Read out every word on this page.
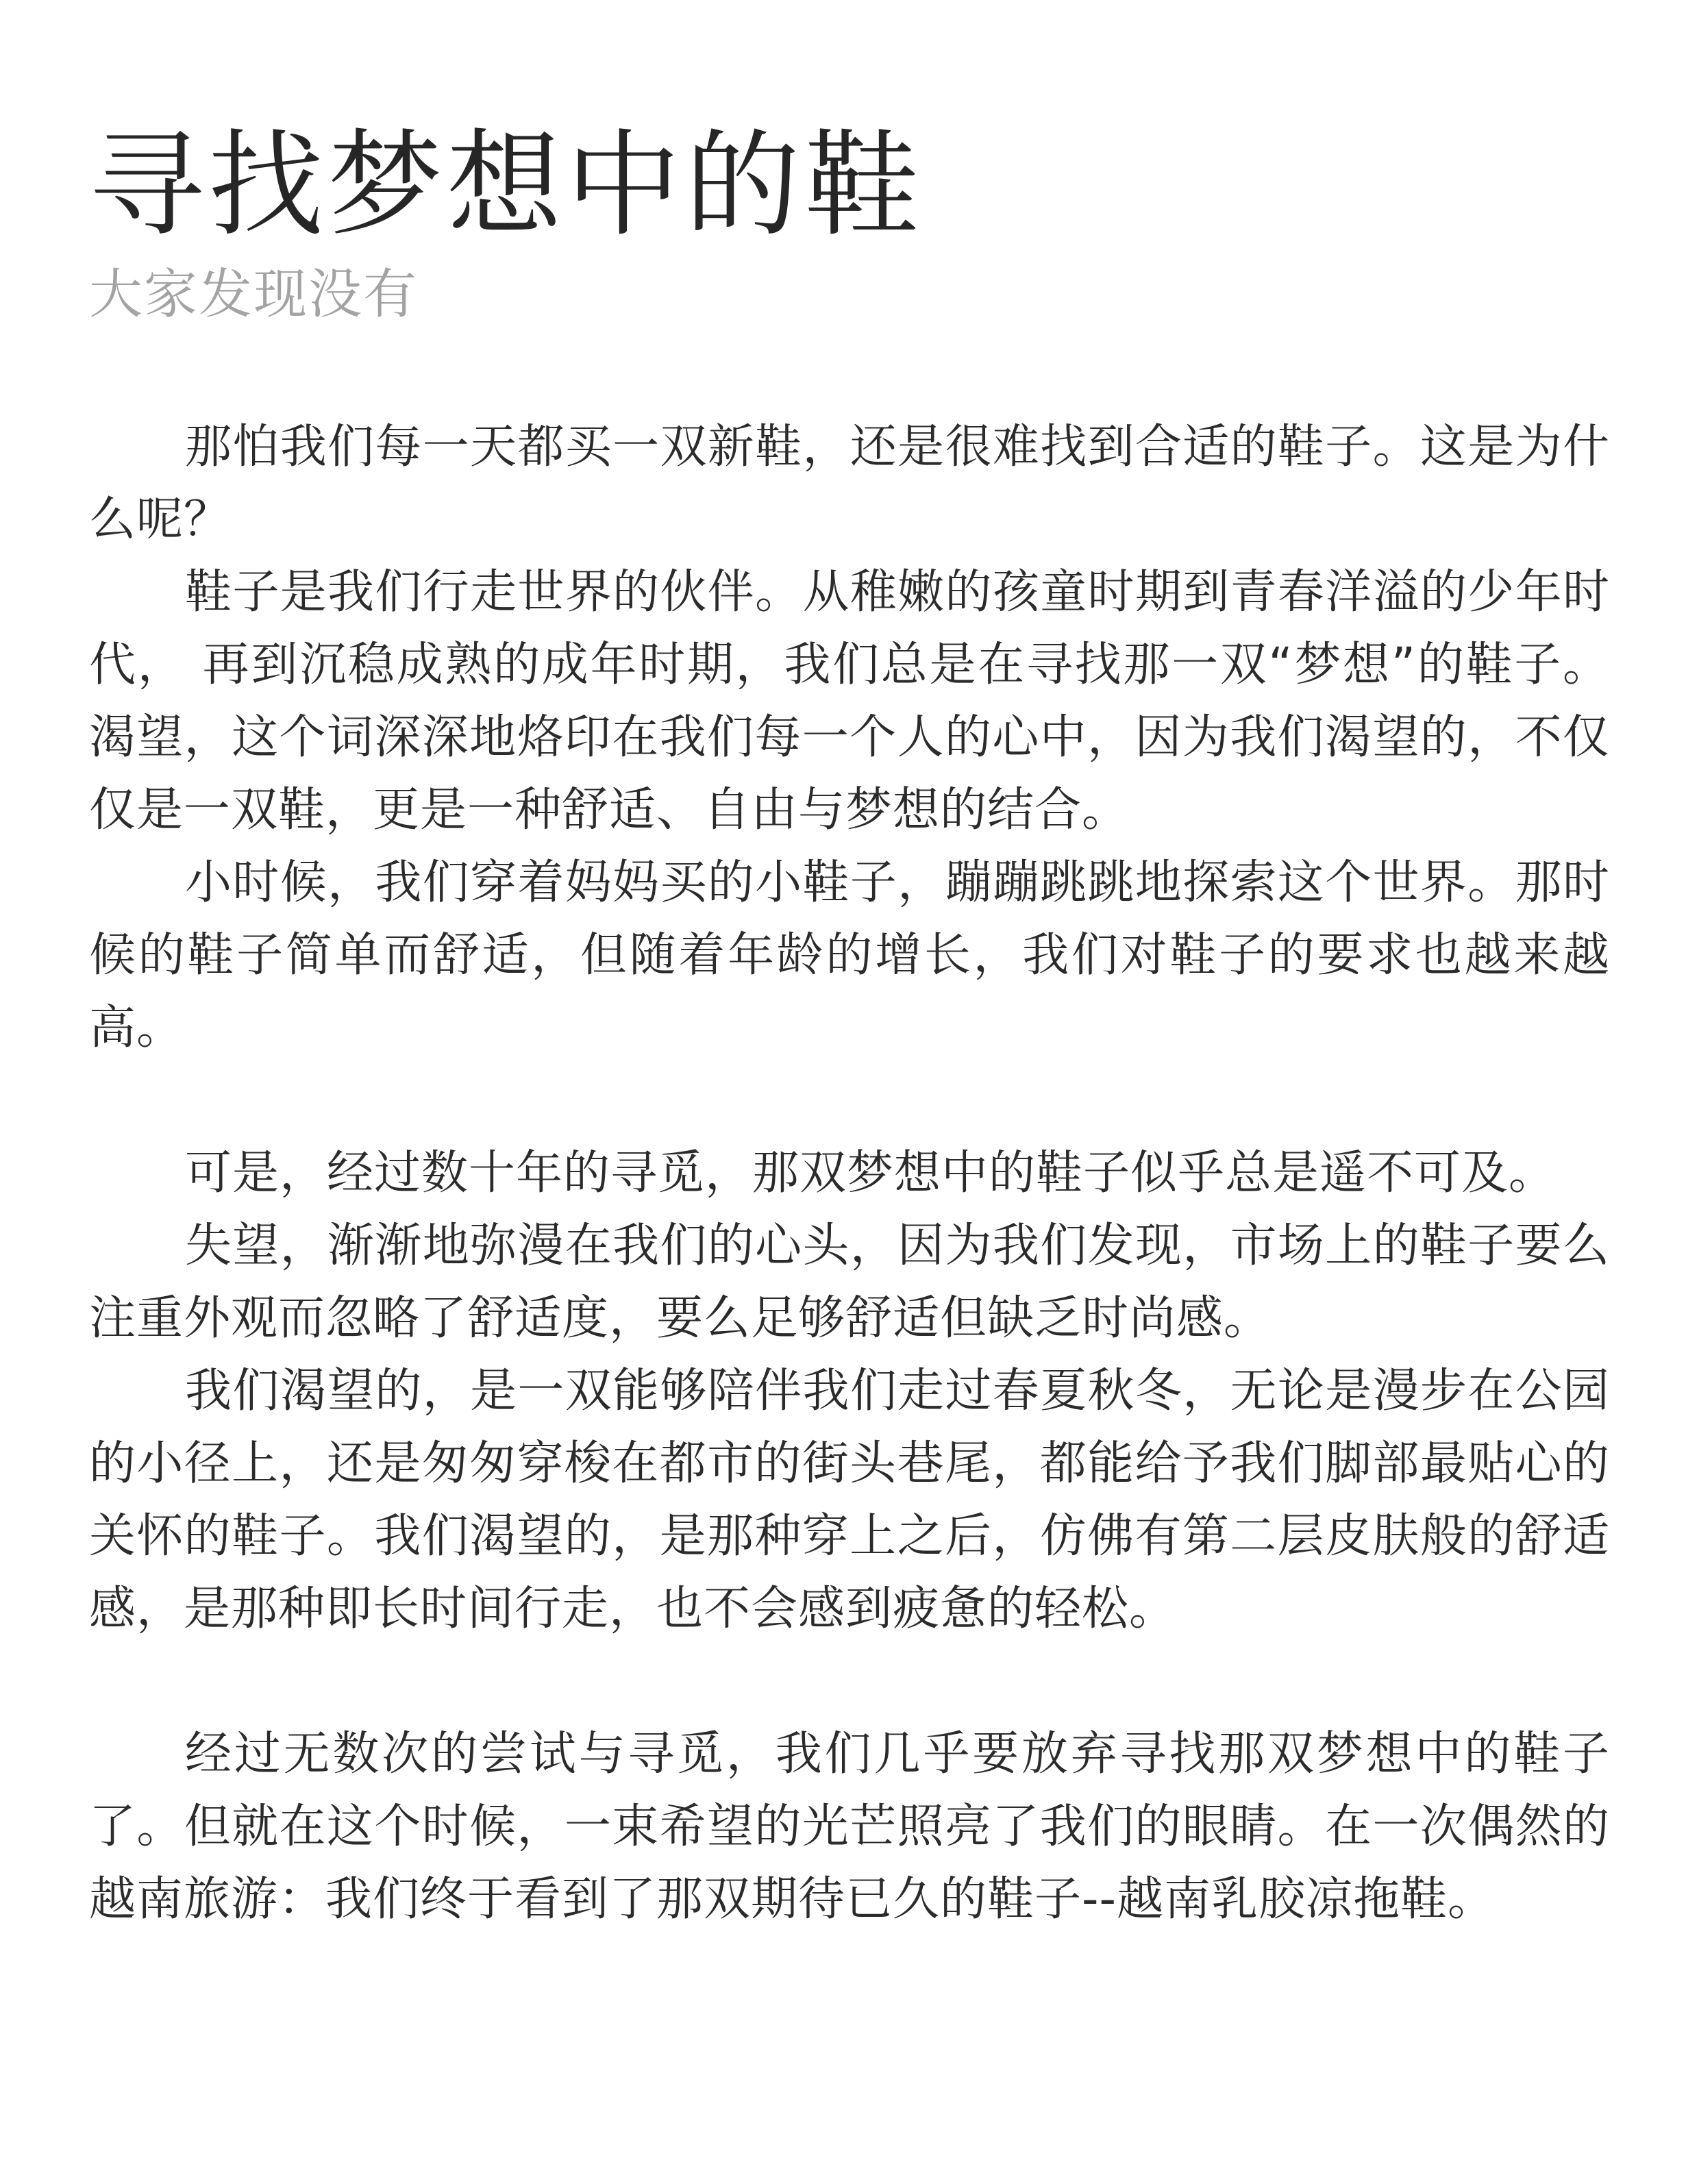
寻找梦想中的鞋
大家发现没有

那怕我们每一天都买一双新鞋，还是很难找到合适的鞋子。这是为什么呢？

鞋子是我们行走世界的伙伴。从稚嫩的孩童时期到青春洋溢的少年时代， 再到沉稳成熟的成年时期，我们总是在寻找那一双“梦想”的鞋子。渴望，这个词深深地烙印在我们每一个人的心中，因为我们渴望的，不仅仅是一双鞋，更是一种舒适、自由与梦想的结合。

小时候，我们穿着妈妈买的小鞋子，蹦蹦跳跳地探索这个世界。那时候的鞋子简单而舒适，但随着年龄的增长，我们对鞋子的要求也越来越高。

可是，经过数十年的寻觅，那双梦想中的鞋子似乎总是遥不可及。

失望，渐渐地弥漫在我们的心头，因为我们发现，市场上的鞋子要么注重外观而忽略了舒适度，要么足够舒适但缺乏时尚感。

我们渴望的，是一双能够陪伴我们走过春夏秋冬，无论是漫步在公园的小径上，还是匆匆穿梭在都市的街头巷尾，都能给予我们脚部最贴心的关怀的鞋子。我们渴望的，是那种穿上之后，仿佛有第二层皮肤般的舒适感，是那种即长时间行走，也不会感到疲惫的轻松。

经过无数次的尝试与寻觅，我们几乎要放弃寻找那双梦想中的鞋子了。但就在这个时候，一束希望的光芒照亮了我们的眼睛。在一次偶然的越南旅游：我们终于看到了那双期待已久的鞋子--越南乳胶凉拖鞋。
